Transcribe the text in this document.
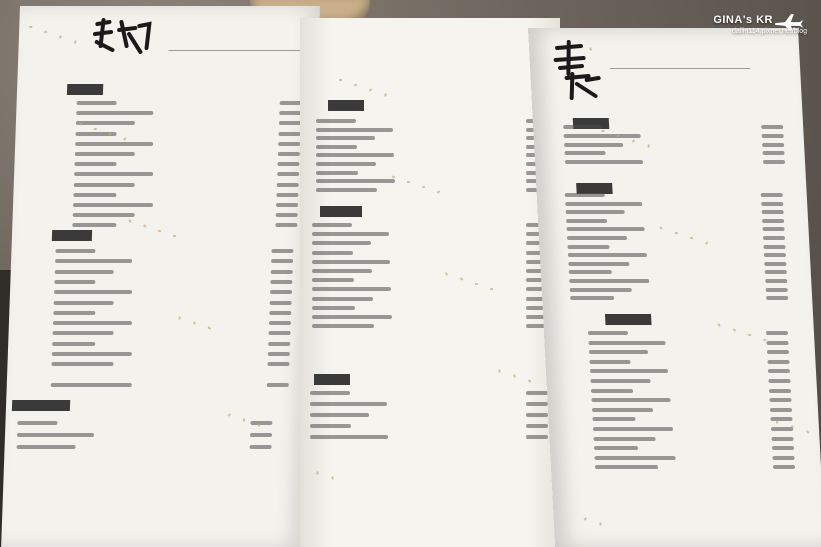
GINA's KR
dailin114.pixnet.net/blog
